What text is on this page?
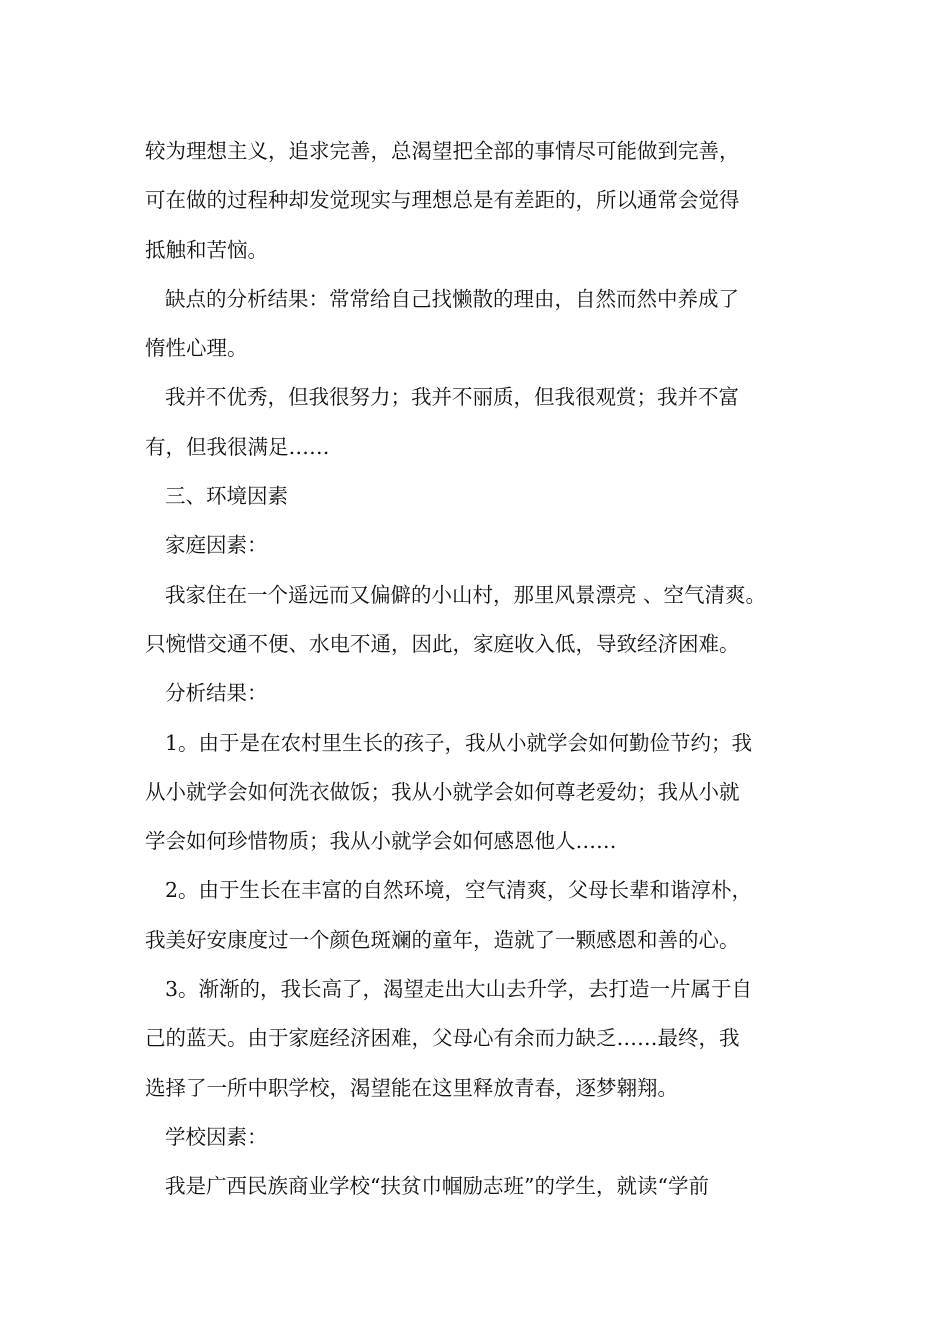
较为理想主义，追求完善，总渴望把全部的事情尽可能做到完善，
可在做的过程种却发觉现实与理想总是有差距的，所以通常会觉得
抵触和苦恼。
缺点的分析结果：常常给自己找懒散的理由，自然而然中养成了
惰性心理。
我并不优秀，但我很努力；我并不丽质，但我很观赏；我并不富
有，但我很满足……
三、环境因素
家庭因素：
我家住在一个遥远而又偏僻的小山村，那里风景漂亮 、空气清爽。
只惋惜交通不便、水电不通，因此，家庭收入低，导致经济困难。
分析结果：
1。由于是在农村里生长的孩子，我从小就学会如何勤俭节约；我
从小就学会如何洗衣做饭；我从小就学会如何尊老爱幼；我从小就
学会如何珍惜物质；我从小就学会如何感恩他人……
2。由于生长在丰富的自然环境，空气清爽，父母长辈和谐淳朴，
我美好安康度过一个颜色斑斓的童年，造就了一颗感恩和善的心。
3。渐渐的，我长高了，渴望走出大山去升学，去打造一片属于自
己的蓝天。由于家庭经济困难，父母心有余而力缺乏……最终，我
选择了一所中职学校，渴望能在这里释放青春，逐梦翱翔。
学校因素：
我是广西民族商业学校“扶贫巾帼励志班”的学生，就读“学前
